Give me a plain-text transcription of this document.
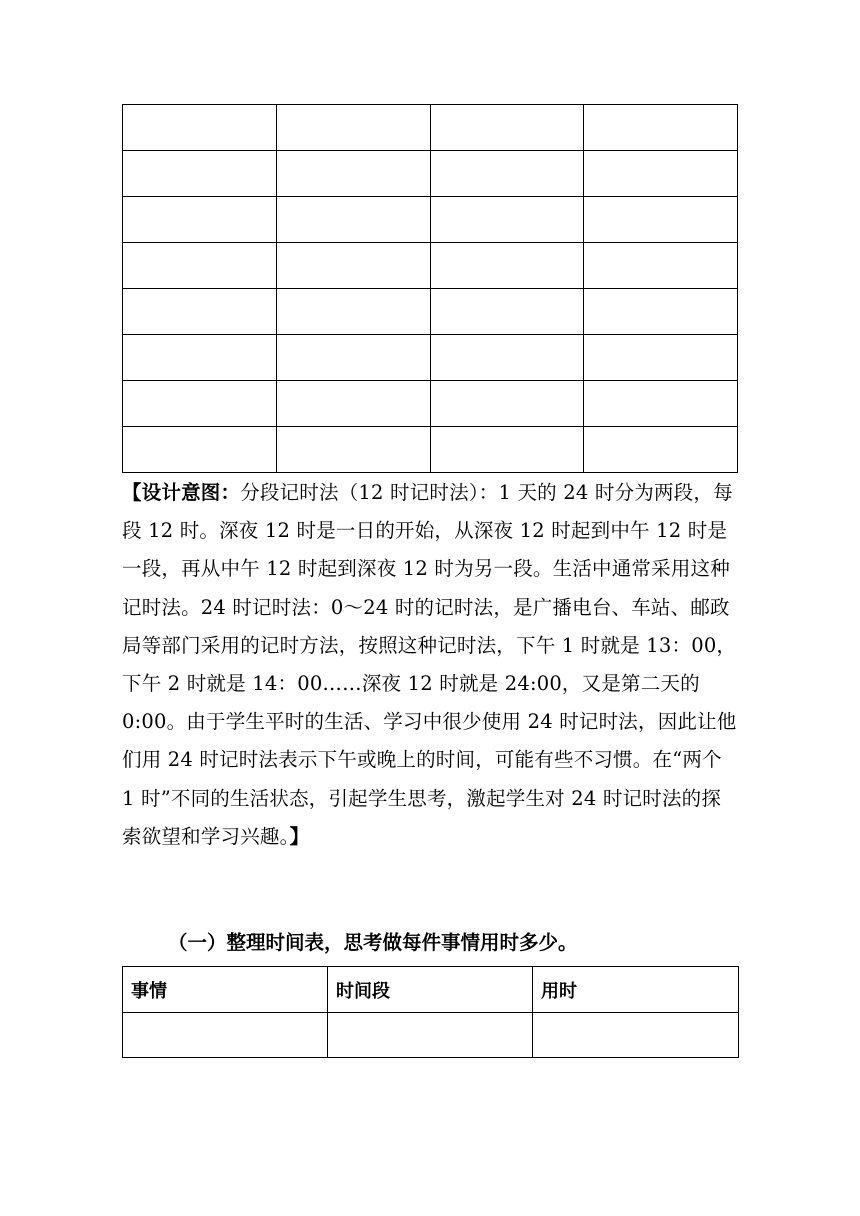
【设计意图：分段记时法（12 时记时法）：1 天的 24 时分为两段，每段 12 时。深夜 12 时是一日的开始，从深夜 12 时起到中午 12 时是一段，再从中午 12 时起到深夜 12 时为另一段。生活中通常采用这种记时法。24 时记时法：0～24 时的记时法，是广播电台、车站、邮政局等部门采用的记时方法，按照这种记时法，下午 1 时就是 13：00，下午 2 时就是 14：00……深夜 12 时就是 24:00，又是第二天的 0:00。由于学生平时的生活、学习中很少使用 24 时记时法，因此让他们用 24 时记时法表示下午或晚上的时间，可能有些不习惯。在“两个 1 时”不同的生活状态，引起学生思考，激起学生对 24 时记时法的探索欲望和学习兴趣。】

（一）整理时间表，思考做每件事情用时多少。
事情	时间段	用时
